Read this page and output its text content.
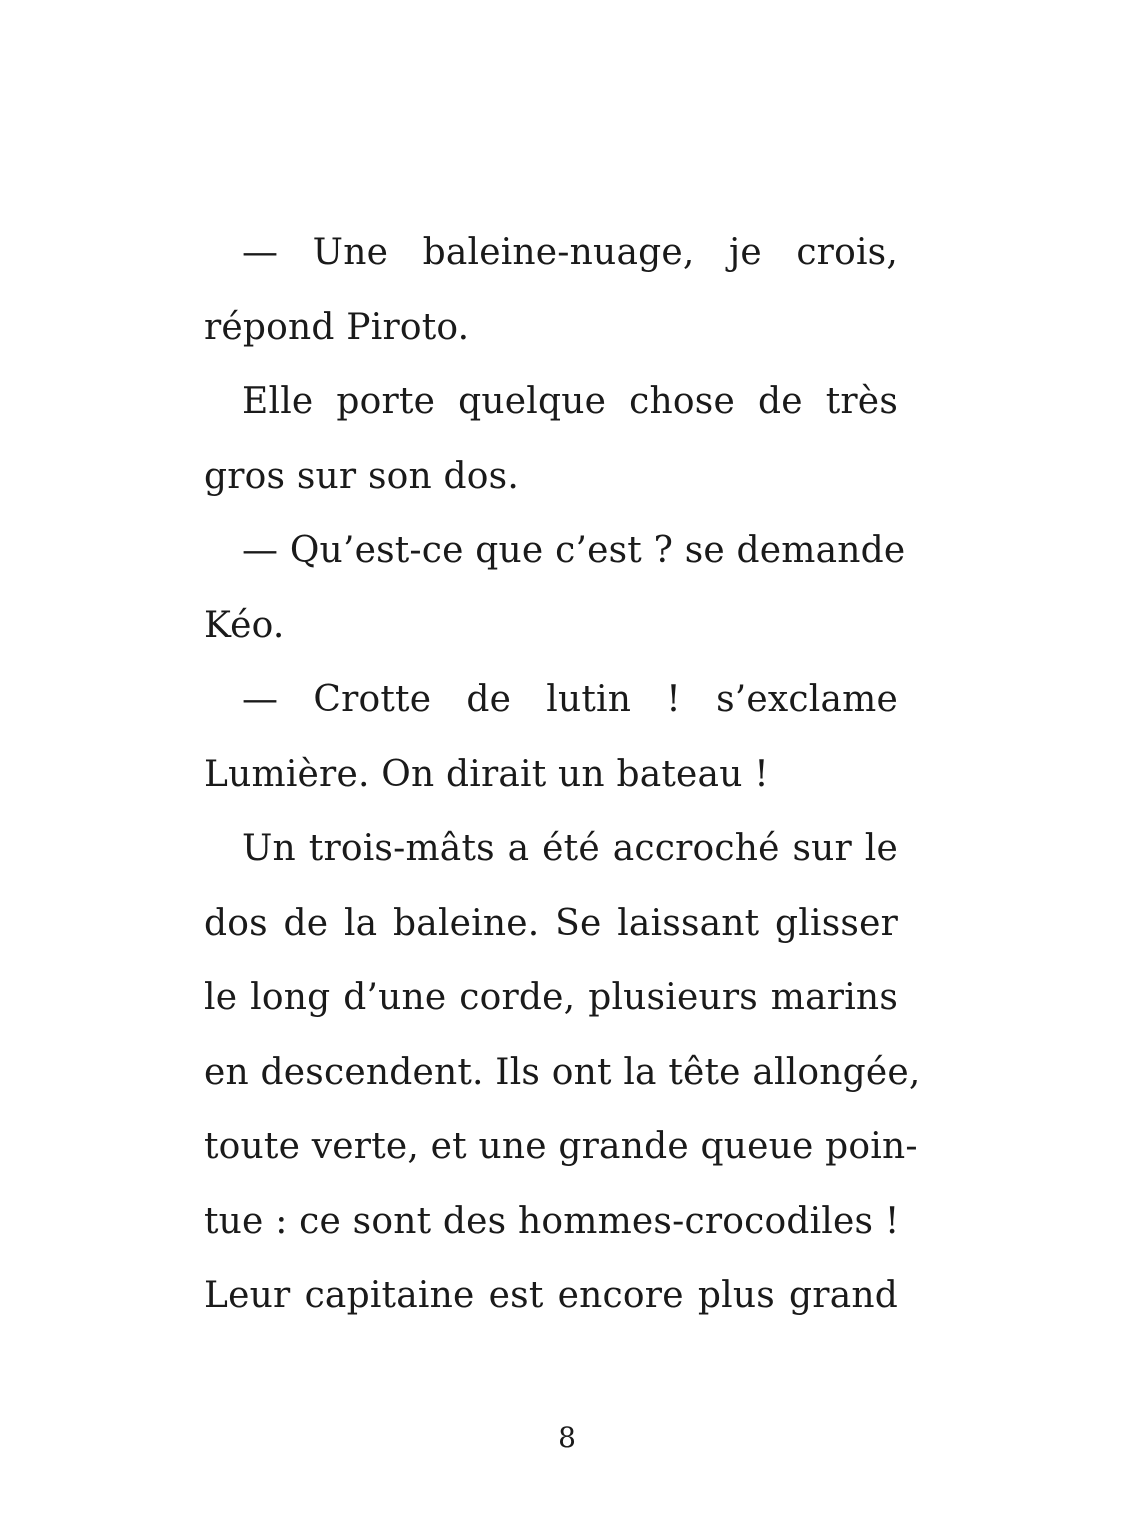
— Une baleine-nuage, je crois,
répond Piroto.
Elle porte quelque chose de très
gros sur son dos.
— Qu’est-ce que c’est ? se demande
Kéo.
— Crotte de lutin ! s’exclame
Lumière. On dirait un bateau !
Un trois-mâts a été accroché sur le
dos de la baleine. Se laissant glisser
le long d’une corde, plusieurs marins
en descendent. Ils ont la tête allongée,
toute verte, et une grande queue poin-
tue : ce sont des hommes-crocodiles !
Leur capitaine est encore plus grand
8
